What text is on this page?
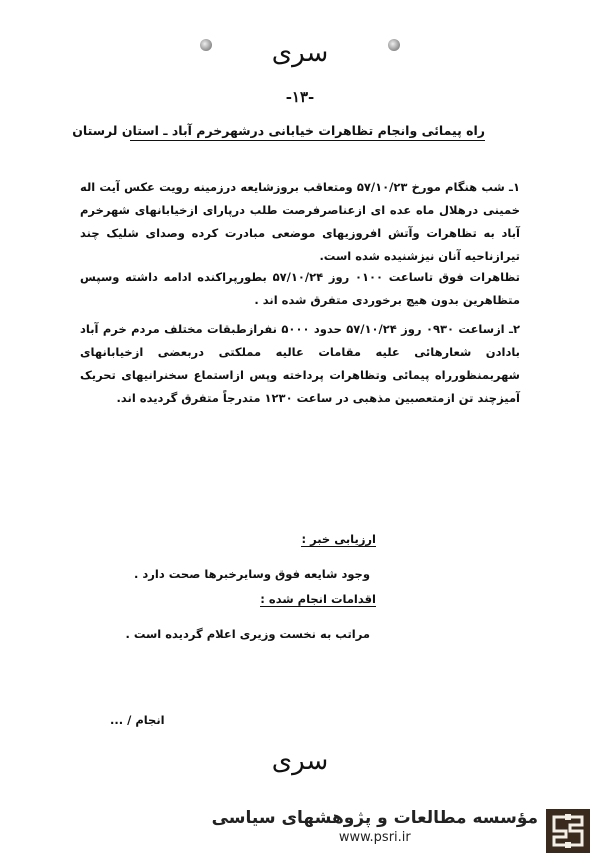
سری
-۱۳-
راه پیمائی وانجام تظاهرات خیابانی درشهرخرم آباد ـ استان لرستان
۱ـ شب هنگام مورخ ۵۷/۱۰/۲۳ ومتعاقب بروزشایعه درزمینه رویت عکس آیت اله خمینی درهلال ماه عده ای ازعناصرفرصت طلب درپارای ازخیابانهای شهرخرم آباد به تظاهرات وآتش افروزیهای موضعی مبادرت کرده وصدای شلیک چند تیرازناحیه آنان نیزشنیده شده است.
تظاهرات فوق تاساعت ۰۱۰۰ روز ۵۷/۱۰/۲۴ بطورپراکنده ادامه داشته وسپس متظاهرین بدون هیچ برخوردی متفرق شده اند .
۲ـ ازساعت ۰۹۳۰ روز ۵۷/۱۰/۲۴ حدود ۵۰۰۰ نفرازطبقات مختلف مردم خرم آباد بادادن شعارهائی علیه مقامات عالیه مملکتی دربعضی ازخیابانهای شهربمنظورراه پیمائی وتظاهرات پرداخته وپس ازاستماع سخنرانیهای تحریک آمیزچند تن ازمتعصبین مذهبی در ساعت ۱۲۳۰ متدرجاً متفرق گردیده اند.
ارزیابی خبر :
وجود شایعه فوق وسایرخبرها صحت دارد .
اقدامات انجام شده :
مراتب به نخست وزیری اعلام گردیده است .
انجام / ...
سری
مؤسسه مطالعات و پژوهشهای سیاسی
www.psri.ir
